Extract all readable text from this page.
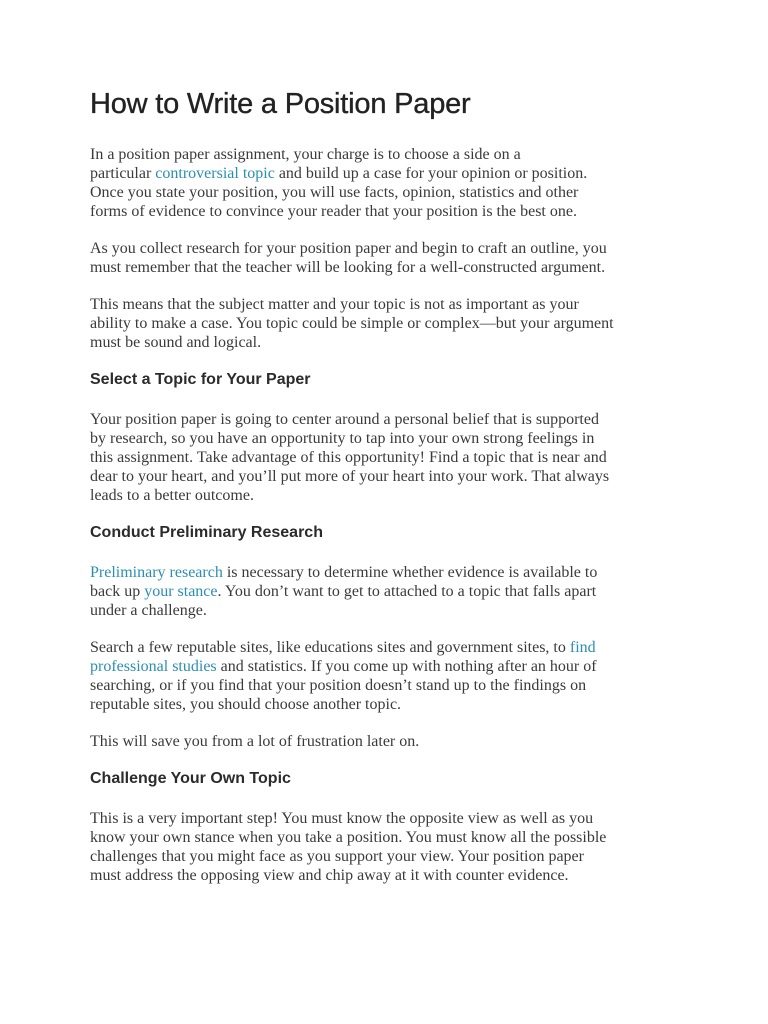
How to Write a Position Paper

In a position paper assignment, your charge is to choose a side on a
particular controversial topic and build up a case for your opinion or position.
Once you state your position, you will use facts, opinion, statistics and other
forms of evidence to convince your reader that your position is the best one.

As you collect research for your position paper and begin to craft an outline, you
must remember that the teacher will be looking for a well-constructed argument.

This means that the subject matter and your topic is not as important as your
ability to make a case. You topic could be simple or complex—but your argument
must be sound and logical.

Select a Topic for Your Paper

Your position paper is going to center around a personal belief that is supported
by research, so you have an opportunity to tap into your own strong feelings in
this assignment. Take advantage of this opportunity! Find a topic that is near and
dear to your heart, and you’ll put more of your heart into your work. That always
leads to a better outcome.

Conduct Preliminary Research

Preliminary research is necessary to determine whether evidence is available to
back up your stance. You don’t want to get to attached to a topic that falls apart
under a challenge.

Search a few reputable sites, like educations sites and government sites, to find
professional studies and statistics. If you come up with nothing after an hour of
searching, or if you find that your position doesn’t stand up to the findings on
reputable sites, you should choose another topic.

This will save you from a lot of frustration later on.

Challenge Your Own Topic

This is a very important step! You must know the opposite view as well as you
know your own stance when you take a position. You must know all the possible
challenges that you might face as you support your view. Your position paper
must address the opposing view and chip away at it with counter evidence.
